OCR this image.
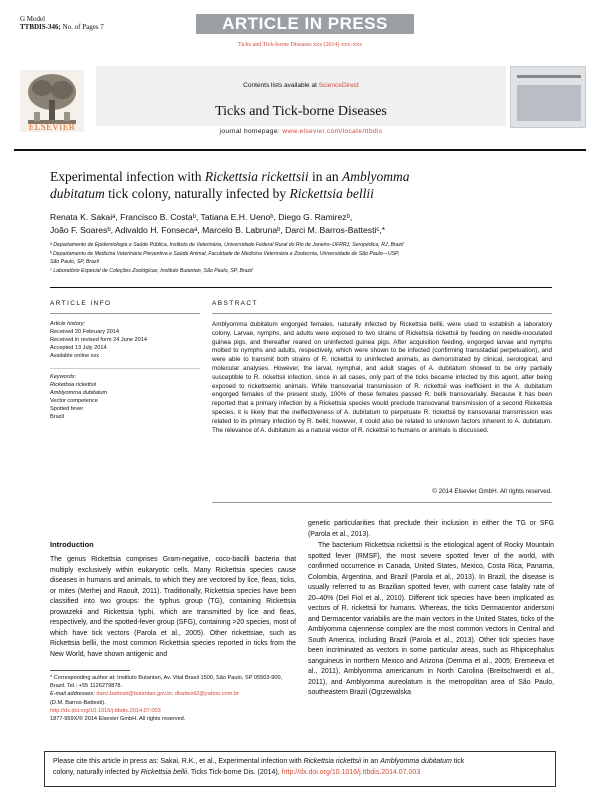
G Model
TTBDIS-346; No. of Pages 7	ARTICLE IN PRESS
Ticks and Tick-borne Diseases xxx (2014) xxx–xxx
ELSEVIER
Contents lists available at ScienceDirect
Ticks and Tick-borne Diseases
journal homepage: www.elsevier.com/locate/ttbdis
Experimental infection with Rickettsia rickettsii in an Amblyomma
dubitatum tick colony, naturally infected by Rickettsia bellii
Renata K. Sakaiᵃ, Francisco B. Costaᵇ, Tatiana E.H. Uenoᵇ, Diego G. Ramirezᵇ,
João F. Soaresᵇ, Adivaldo H. Fonsecaᵃ, Marcelo B. Labrunaᵇ, Darci M. Barros-Battestiᶜ,*
ᵃ Departamento de Epidemiologia e Saúde Pública, Instituto de Veterinária, Universidade Federal Rural do Rio de Janeiro–UFRRJ, Seropédica, RJ, Brazil
ᵇ Departamento de Medicina Veterinária Preventiva e Saúde Animal, Faculdade de Medicina Veterinária e Zootecnia, Universidade de São Paulo—USP,
São Paulo, SP, Brazil
ᶜ Laboratório Especial de Coleções Zoológicas, Instituto Butantan, São Paulo, SP, Brazil
ARTICLE INFO
Article history:
Received 20 February 2014
Received in revised form 24 June 2014
Accepted 13 July 2014
Available online xxx
Keywords:
Rickettsia rickettsii
Amblyomma dubitatum
Vector competence
Spotted fever
Brazil
ABSTRACT
Amblyomma dubitatum engorged females, naturally infected by Rickettsia bellii, were used to establish a laboratory colony. Larvae, nymphs, and adults were exposed to two strains of Rickettsia rickettsii by feeding on needle-inoculated guinea pigs, and thereafter reared on uninfected guinea pigs. After acquisition feeding, engorged larvae and nymphs molted to nymphs and adults, respectively, which were shown to be infected (confirming transstadial perpetuation), and were able to transmit both strains of R. rickettsii to uninfected animals, as demonstrated by clinical, serological, and molecular analyses. However, the larval, nymphal, and adult stages of A. dubitatum showed to be only partially susceptible to R. rickettsii infection, since in all cases, only part of the ticks became infected by this agent, after being exposed to rickettsemic animals. While transovarial transmission of R. rickettsii was inefficient in the A. dubitatum engorged females of the present study, 100% of these females passed R. bellii transovarially. Because it has been reported that a primary infection by a Rickettsia species would preclude transovarial transmission of a second Rickettsia species, it is likely that the ineffectiveness of A. dubitatum to perpetuate R. rickettsii by transovarial transmission was related to its primary infection by R. bellii; however, it could also be related to unknown factors inherent to A. dubitatum. The relevance of A. dubitatum as a natural vector of R. rickettsii to humans or animals is discussed.
© 2014 Elsevier GmbH. All rights reserved.
Introduction
The genus Rickettsia comprises Gram-negative, coco-bacilli bacteria that multiply exclusively within eukaryotic cells. Many Rickettsia species cause diseases in humans and animals, to which they are vectored by lice, fleas, ticks, or mites (Merhej and Raoult, 2011). Traditionally, Rickettsia species have been classified into two groups: the typhus group (TG), containing Rickettsia prowazekii and Rickettsia typhi, which are transmitted by lice and fleas, respectively, and the spotted-fever group (SFG), containing >20 species, most of which have tick vectors (Parola et al., 2005). Other rickettsiae, such as Rickettsia bellii, the most common Rickettsia species reported in ticks from the New World, have shown antigenic and
genetic particularities that preclude their inclusion in either the TG or SFG (Parola et al., 2013).
The bacterium Rickettsia rickettsii is the etiological agent of Rocky Mountain spotted fever (RMSF), the most severe spotted fever of the world, with confirmed occurrence in Canada, United States, Mexico, Costa Rica, Panama, Colombia, Argentina, and Brazil (Parola et al., 2013). In Brazil, the disease is usually referred to as Brazilian spotted fever, with current case fatality rate of 20–40% (Del Fiol et al., 2010). Different tick species have been implicated as vectors of R. rickettsii for humans. Whereas, the ticks Dermacentor andersoni and Dermacentor variabilis are the main vectors in the United States, ticks of the Amblyomma cajennense complex are the most common vectors in Central and South America, including Brazil (Parola et al., 2013). Other tick species have been incriminated as vectors in some particular areas, such as Rhipicephalus sanguineus in northern Mexico and Arizona (Demma et al., 2005; Eremeeva et al., 2011), Amblyomma americanum in North Carolina (Breitschwerdt et al., 2011), and Amblyomma aureolatum is the metropolitan area of São Paulo, southeastern Brazil (Ogrzewalska
* Corresponding author at: Instituto Butantan, Av. Vital Brasil 1500, São Paulo, SP 05503-900, Brazil. Tel.: +55 1126279878.
E-mail addresses: darci.battesti@butantan.gov.br, dbattesti2@yahoo.com.br
(D.M. Barros-Battesti).
http://dx.doi.org/10.1016/j.ttbdis.2014.07.003
1877-959X/© 2014 Elsevier GmbH. All rights reserved.
Please cite this article in press as: Sakai, R.K., et al., Experimental infection with Rickettsia rickettsii in an Amblyomma dubitatum tick
colony, naturally infected by Rickettsia bellii. Ticks Tick-borne Dis. (2014), http://dx.doi.org/10.1016/j.ttbdis.2014.07.003
